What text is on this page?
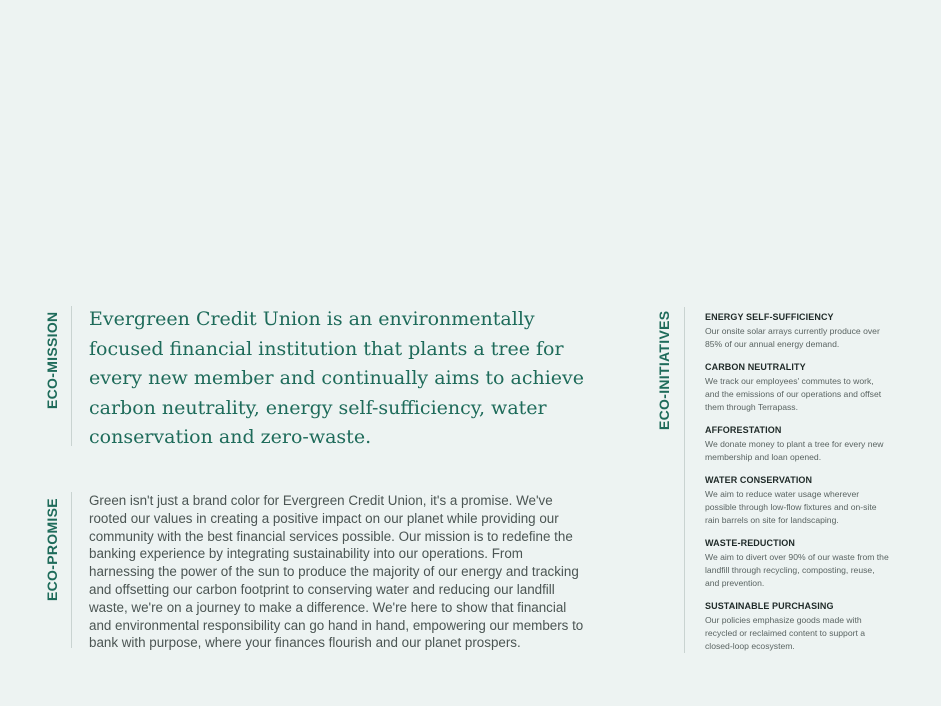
ECO-MISSION Evergreen Credit Union is an environmentally focused financial institution that plants a tree for every new member and continually aims to achieve carbon neutrality, energy self-sufficiency, water conservation and zero-waste.

ECO-PROMISE Green isn't just a brand color for Evergreen Credit Union, it's a promise. We've rooted our values in creating a positive impact on our planet while providing our community with the best financial services possible. Our mission is to redefine the banking experience by integrating sustainability into our operations. From harnessing the power of the sun to produce the majority of our energy and tracking and offsetting our carbon footprint to conserving water and reducing our landfill waste, we're on a journey to make a difference. We're here to show that financial and environmental responsibility can go hand in hand, empowering our members to bank with purpose, where your finances flourish and our planet prospers.

ECO-INITIATIVES	ENERGY SELF-SUFFICIENCY
Our onsite solar arrays currently produce over 85% of our annual energy demand.
CARBON NEUTRALITY
We track our employees' commutes to work, and the emissions of our operations and offset them through Terrapass.
AFFORESTATION
We donate money to plant a tree for every new membership and loan opened.
WATER CONSERVATION
We aim to reduce water usage wherever possible through low-flow fixtures and on-site rain barrels on site for landscaping.
WASTE-REDUCTION
We aim to divert over 90% of our waste from the landfill through recycling, composting, reuse, and prevention.
SUSTAINABLE PURCHASING
Our policies emphasize goods made with recycled or reclaimed content to support a closed-loop ecosystem.
